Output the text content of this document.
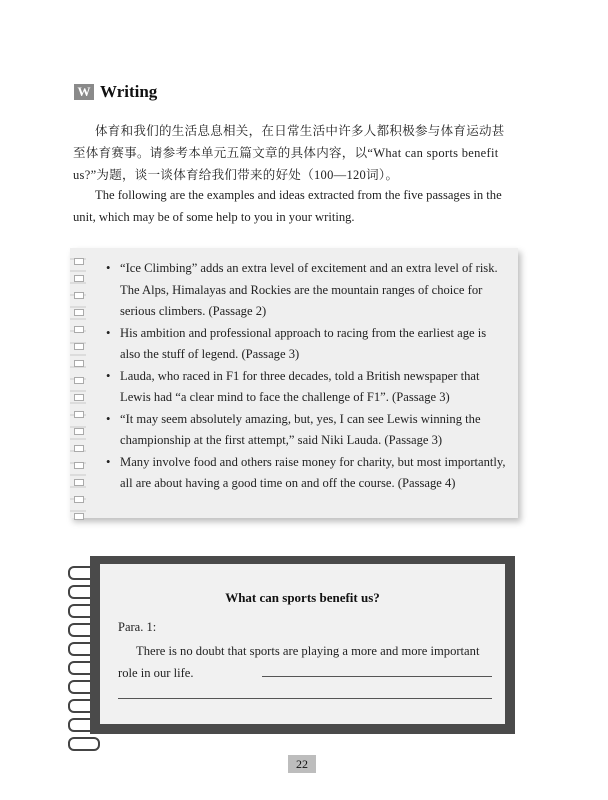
W Writing
体育和我们的生活息息相关，在日常生活中许多人都积极参与体育运动甚至体育赛事。请参考本单元五篇文章的具体内容，以“What can sports benefit us?”为题，谈一谈体育给我们带来的好处（100—120词）。
The following are the examples and ideas extracted from the five passages in the unit, which may be of some help to you in your writing.
• “Ice Climbing” adds an extra level of excitement and an extra level of risk. The Alps, Himalayas and Rockies are the mountain ranges of choice for serious climbers. (Passage 2)
• His ambition and professional approach to racing from the earliest age is also the stuff of legend. (Passage 3)
• Lauda, who raced in F1 for three decades, told a British newspaper that Lewis had “a clear mind to face the challenge of F1”. (Passage 3)
• “It may seem absolutely amazing, but, yes, I can see Lewis winning the championship at the first attempt,” said Niki Lauda. (Passage 3)
• Many involve food and others raise money for charity, but most importantly, all are about having a good time on and off the course. (Passage 4)
What can sports benefit us?
Para. 1:
There is no doubt that sports are playing a more and more important role in our life.
22
